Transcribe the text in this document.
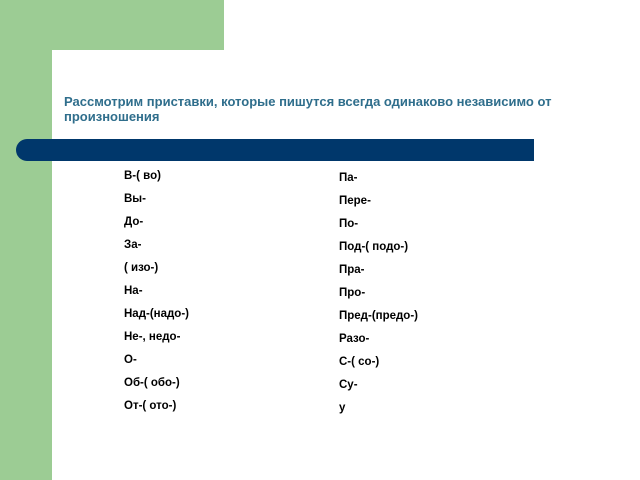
Рассмотрим приставки, которые пишутся всегда одинаково независимо от произношения
В-( во)
Вы-
До-
За-
( изо-)
На-
Над-(надо-)
Не-, недо-
О-
Об-( обо-)
От-( ото-)
Па-
Пере-
По-
Под-( подо-)
Пра-
Про-
Пред-(предо-)
Разо-
С-( со-)
Су-
у
